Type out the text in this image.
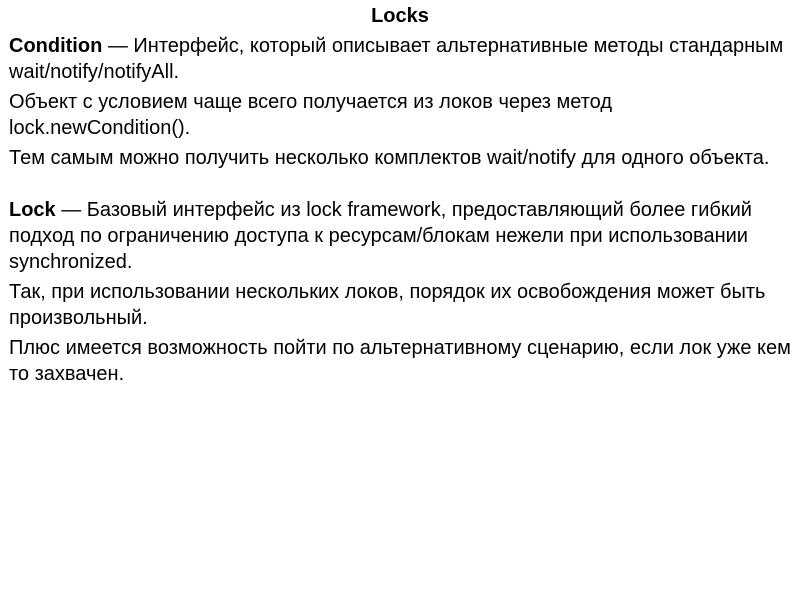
Locks

Condition — Интерфейс, который описывает альтернативные методы стандарным wait/notify/notifyAll.

Объект с условием чаще всего получается из локов через метод lock.newCondition().

Тем самым можно получить несколько комплектов wait/notify для одного объекта.

Lock — Базовый интерфейс из lock framework, предоставляющий более гибкий подход по ограничению доступа к ресурсам/блокам нежели при использовании synchronized.

Так, при использовании нескольких локов, порядок их освобождения может быть произвольный.

Плюс имеется возможность пойти по альтернативному сценарию, если лок уже кем то захвачен.
